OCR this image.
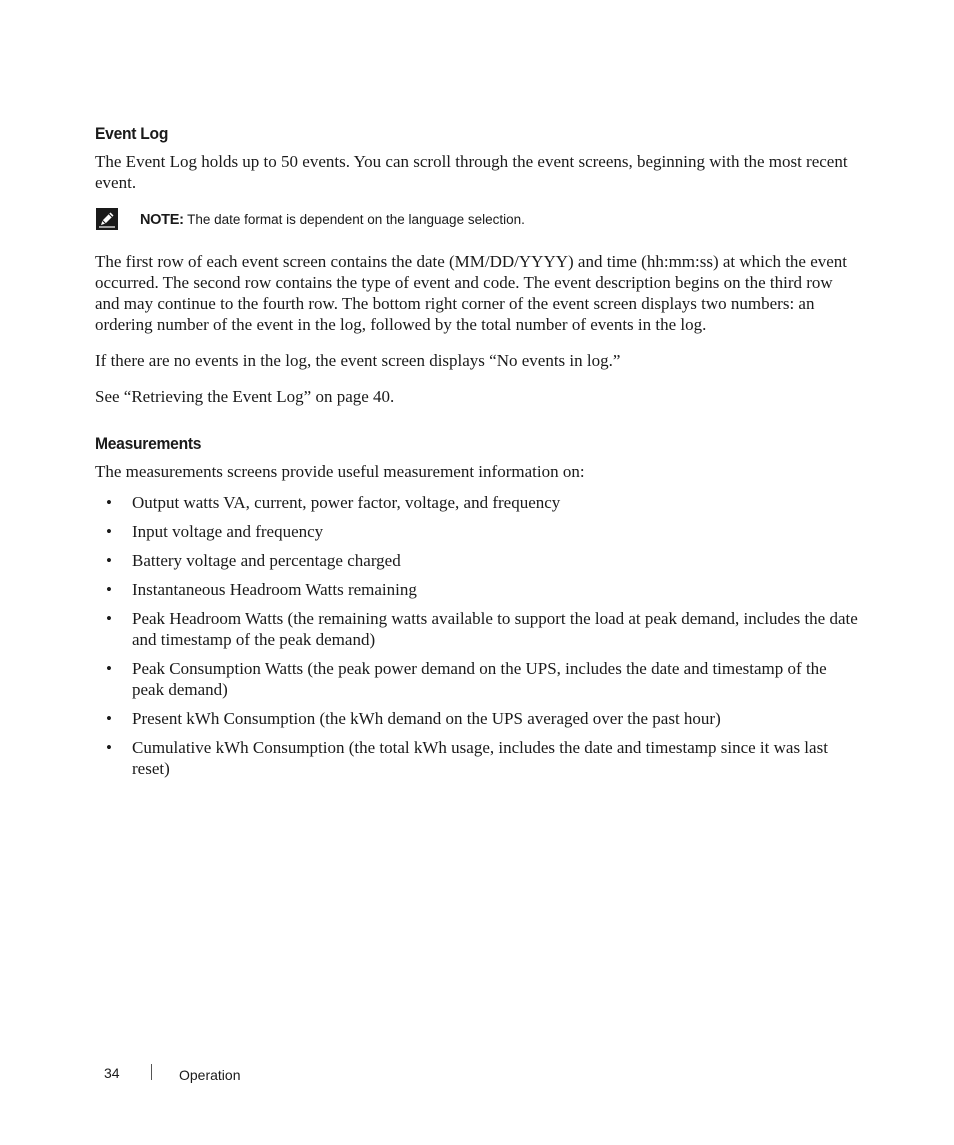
Event Log

The Event Log holds up to 50 events. You can scroll through the event screens, beginning with the most recent event.

NOTE: The date format is dependent on the language selection.

The first row of each event screen contains the date (MM/DD/YYYY) and time (hh:mm:ss) at which the event occurred. The second row contains the type of event and code. The event description begins on the third row and may continue to the fourth row. The bottom right corner of the event screen displays two numbers: an ordering number of the event in the log, followed by the total number of events in the log.

If there are no events in the log, the event screen displays “No events in log.”

See “Retrieving the Event Log” on page 40.

Measurements

The measurements screens provide useful measurement information on:

• Output watts VA, current, power factor, voltage, and frequency
• Input voltage and frequency
• Battery voltage and percentage charged
• Instantaneous Headroom Watts remaining
• Peak Headroom Watts (the remaining watts available to support the load at peak demand, includes the date and timestamp of the peak demand)
• Peak Consumption Watts (the peak power demand on the UPS, includes the date and timestamp of the peak demand)
• Present kWh Consumption (the kWh demand on the UPS averaged over the past hour)
• Cumulative kWh Consumption (the total kWh usage, includes the date and timestamp since it was last reset)
34	Operation
